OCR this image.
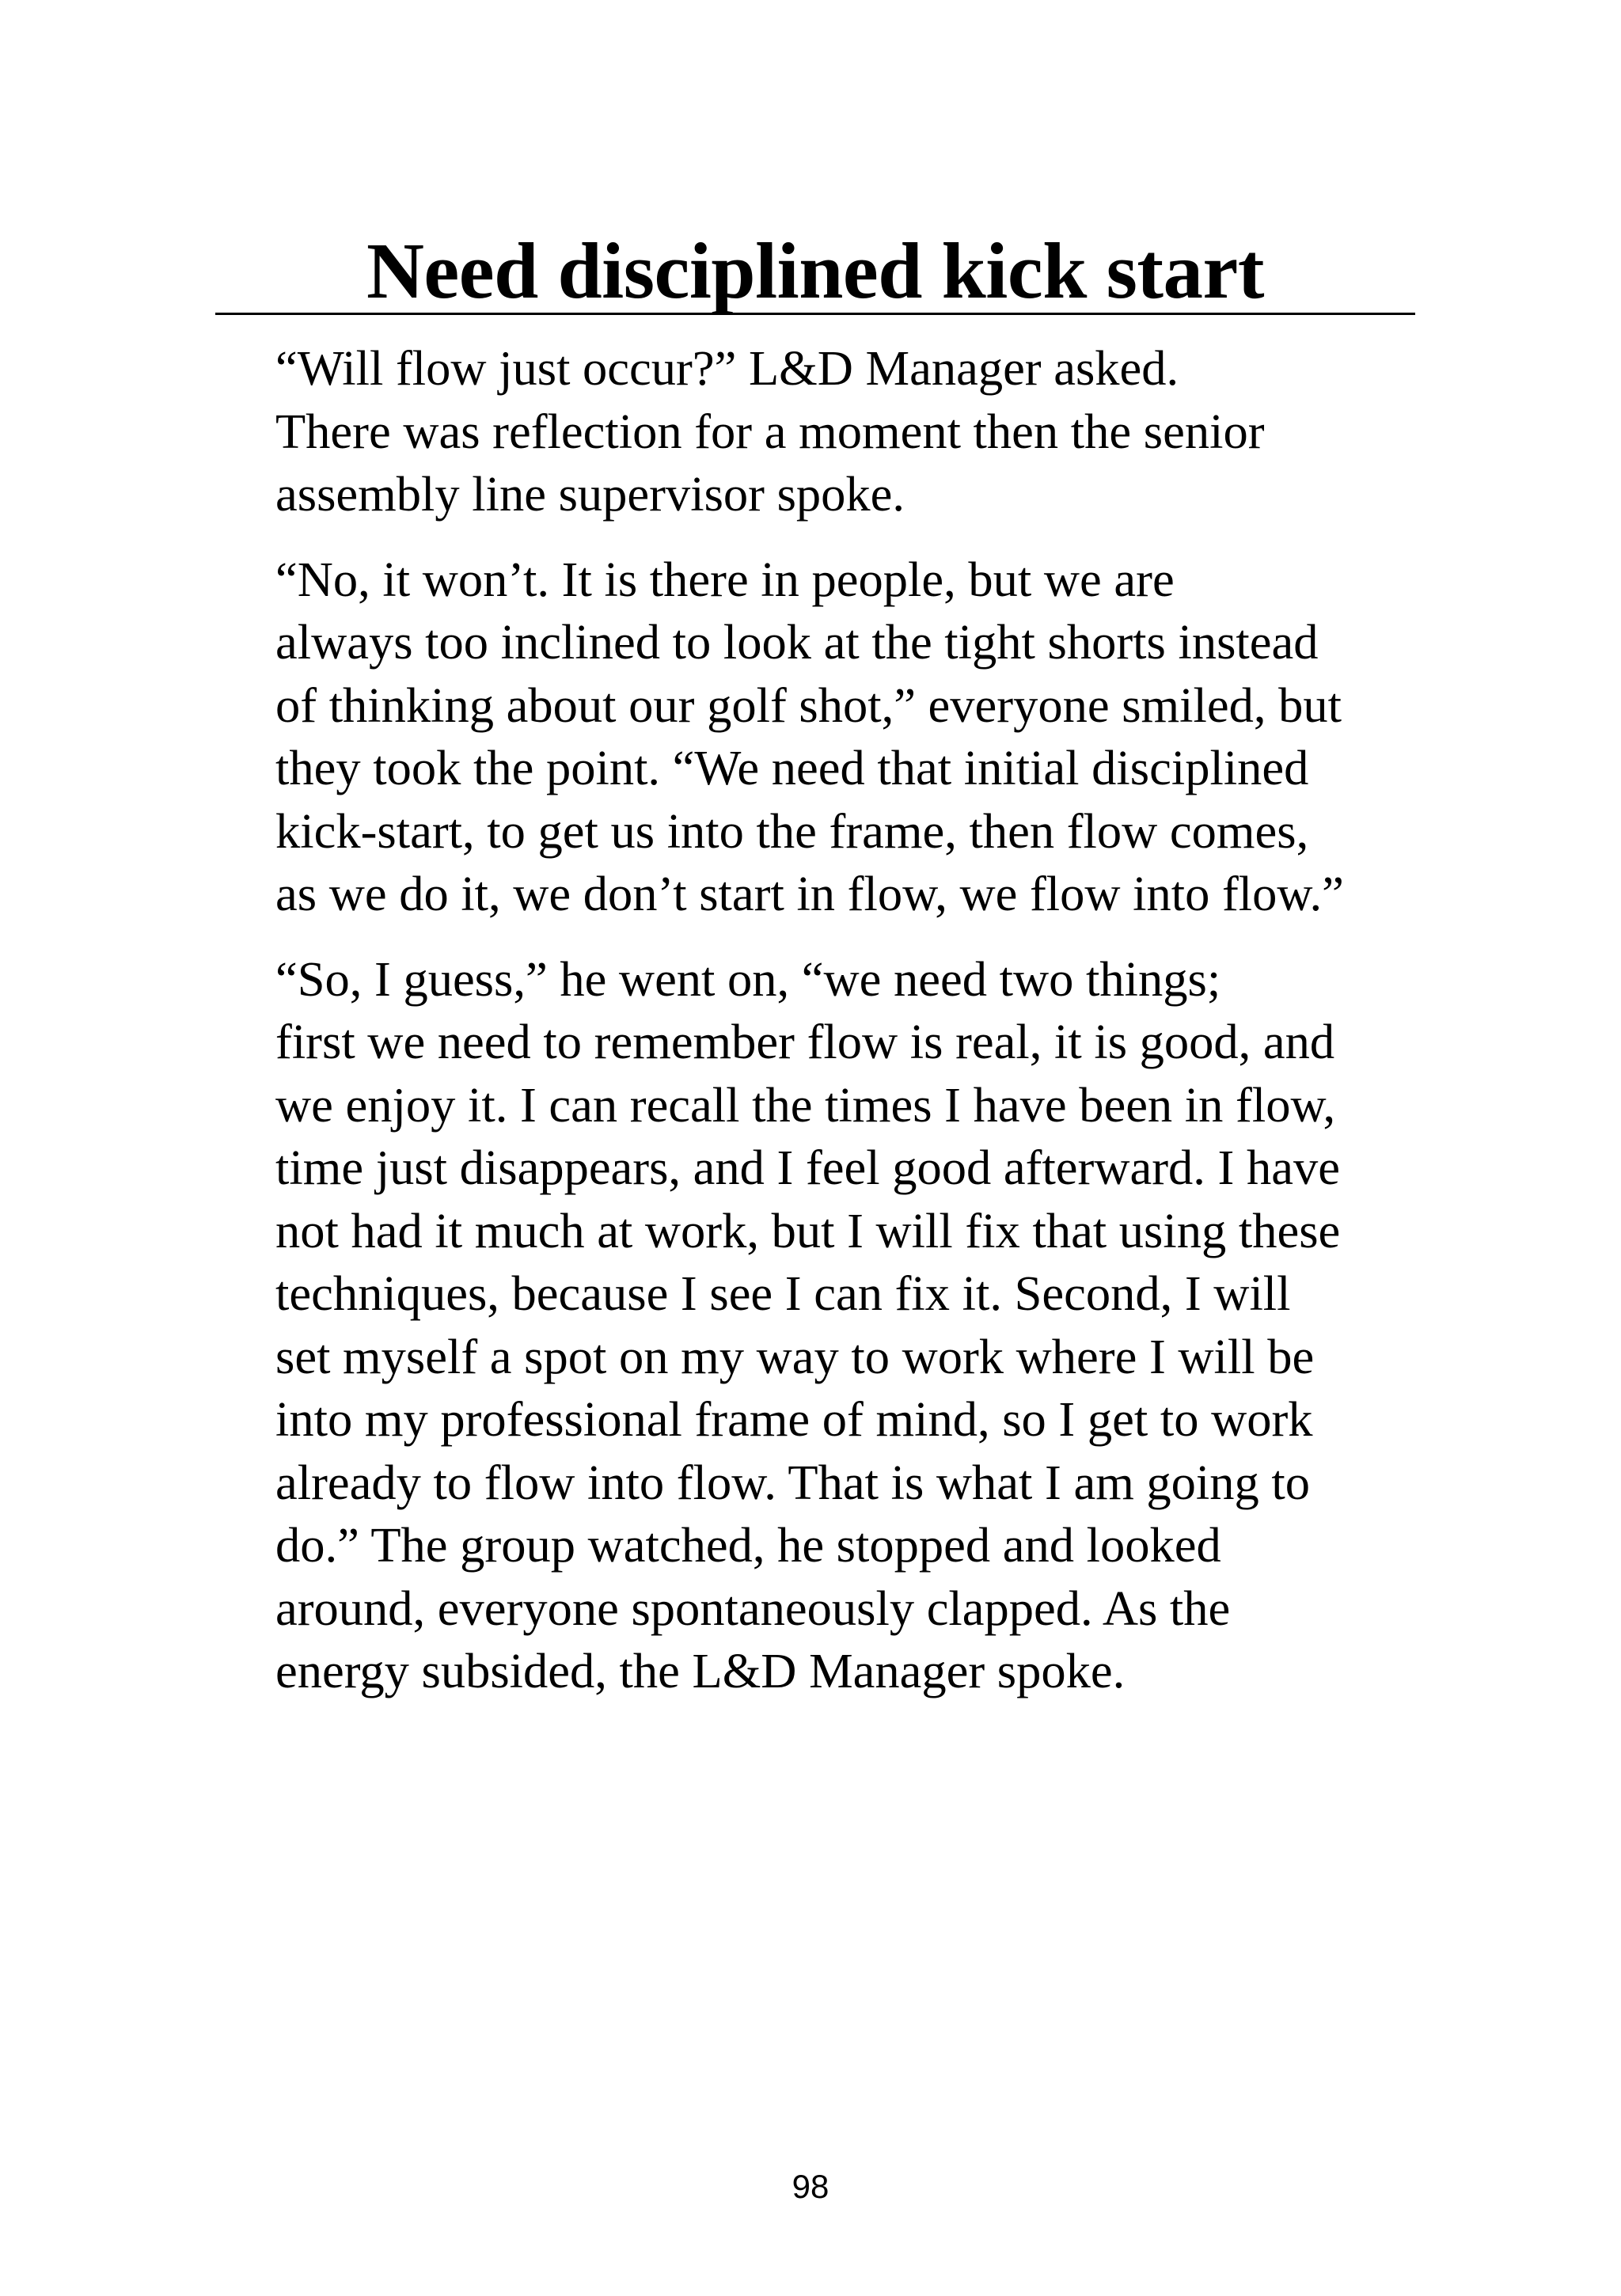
Need disciplined kick start

“Will flow just occur?” L&D Manager asked.
There was reflection for a moment then the senior
assembly line supervisor spoke.

“No, it won’t. It is there in people, but we are
always too inclined to look at the tight shorts instead
of thinking about our golf shot,” everyone smiled, but
they took the point. “We need that initial disciplined
kick-start, to get us into the frame, then flow comes,
as we do it, we don’t start in flow, we flow into flow.”

“So, I guess,” he went on, “we need two things;
first we need to remember flow is real, it is good, and
we enjoy it. I can recall the times I have been in flow,
time just disappears, and I feel good afterward. I have
not had it much at work, but I will fix that using these
techniques, because I see I can fix it. Second, I will
set myself a spot on my way to work where I will be
into my professional frame of mind, so I get to work
already to flow into flow. That is what I am going to
do.” The group watched, he stopped and looked
around, everyone spontaneously clapped. As the
energy subsided, the L&D Manager spoke.

98
